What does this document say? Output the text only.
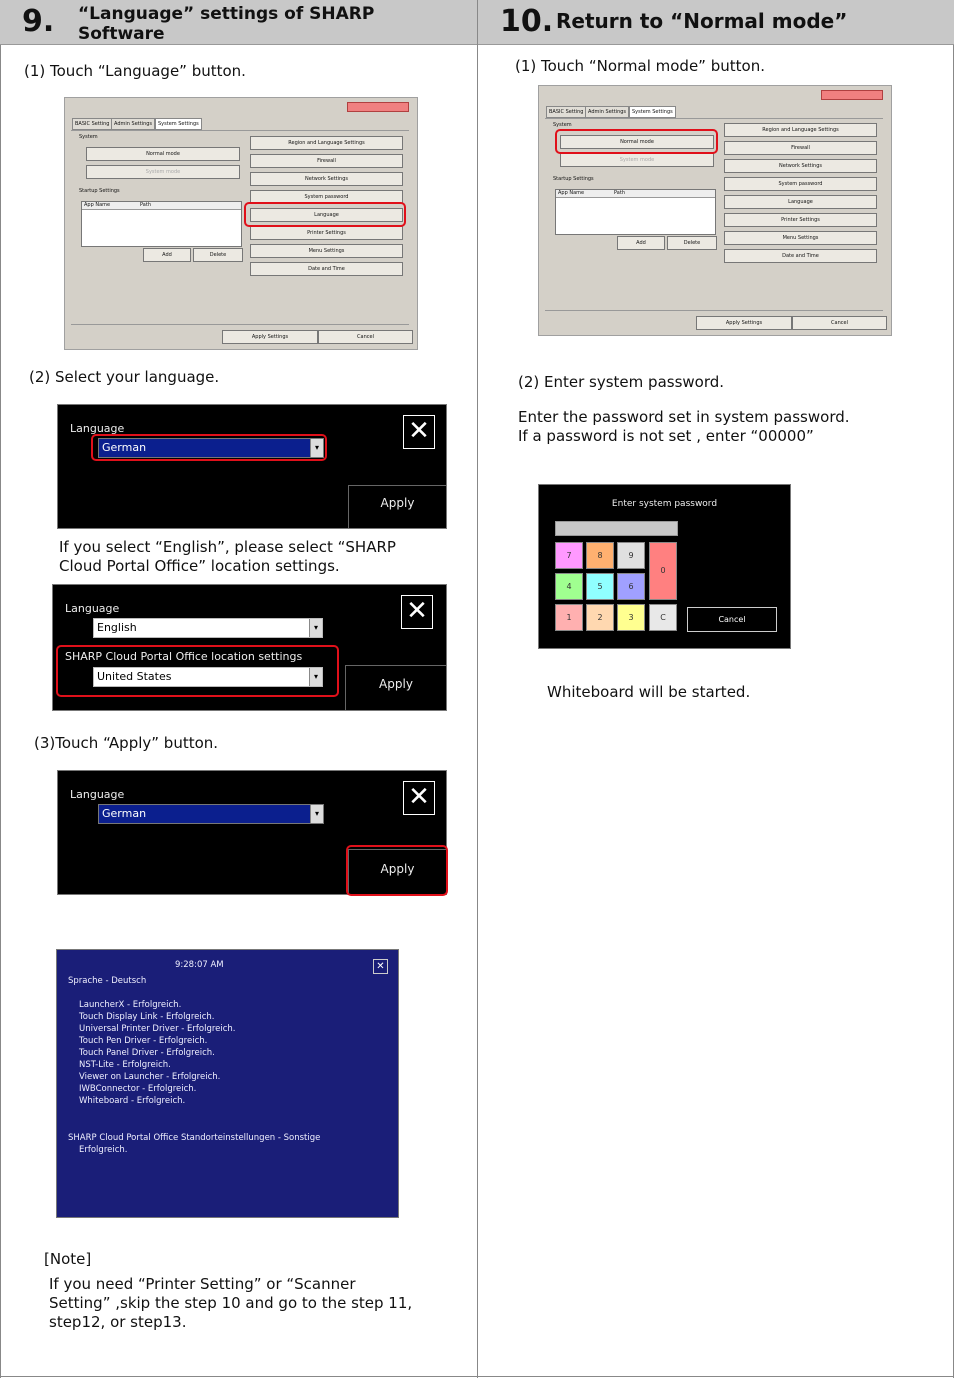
9. “Language” settings of SHARP
Software	10. Return to “Normal mode”
(1) Touch “Language” button.
BASIC Setting Admin Settings	System Settings
System
Normal mode
System mode
Startup Settings
App Name	Path
Add	Delete
Region and Language Settings
Firewall
Network Settings
System password
Language
Printer Settings
Menu Settings
Date and Time
Apply Settings	Cancel
(2) Select your language.
Language
German	▾
✕
Apply
If you select “English”, please select “SHARP
Cloud Portal Office” location settings.
Language
English	▾
SHARP Cloud Portal Office location settings
United States	▾
✕
Apply
(3)Touch “Apply” button.
Language
German	▾
✕
Apply
9:28:07 AM	✕
Sprache - Deutsch
LauncherX - Erfolgreich.
Touch Display Link - Erfolgreich.
Universal Printer Driver - Erfolgreich.
Touch Pen Driver - Erfolgreich.
Touch Panel Driver - Erfolgreich.
NST-Lite - Erfolgreich.
Viewer on Launcher - Erfolgreich.
IWBConnector - Erfolgreich.
Whiteboard - Erfolgreich.
SHARP Cloud Portal Office Standorteinstellungen - Sonstige
Erfolgreich.
[Note]
If you need “Printer Setting” or “Scanner
Setting” ,skip the step 10 and go to the step 11,
step12, or step13.
(1) Touch “Normal mode” button.
BASIC Setting Admin Settings	System Settings
System
Normal mode
System mode
Startup Settings
App Name	Path
Add	Delete
Region and Language Settings
Firewall
Network Settings
System password
Language
Printer Settings
Menu Settings
Date and Time
Apply Settings	Cancel
(2) Enter system password.
Enter the password set in system password.
If a password is not set , enter “00000”
Enter system password
7	8	9
4	5	6
1	2	3	C
0
Cancel
Whiteboard will be started.
